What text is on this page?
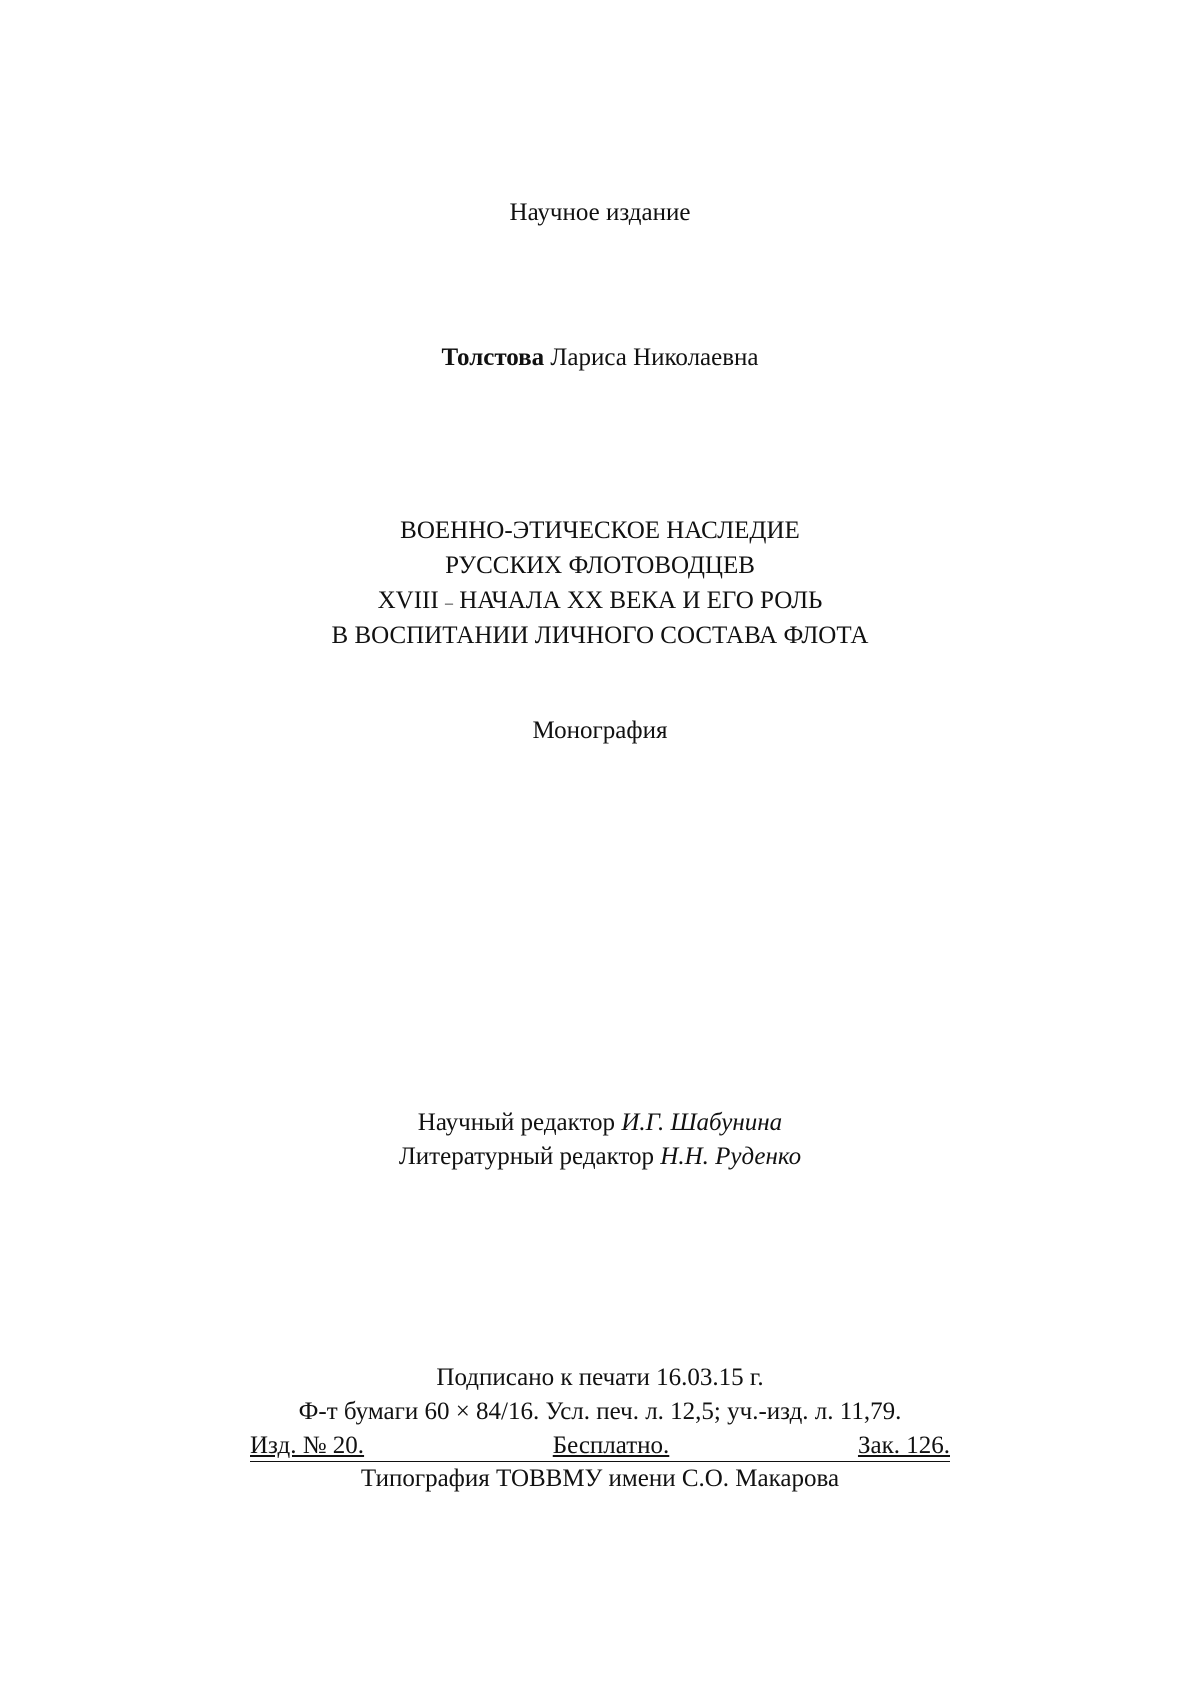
Научное издание
Толстова Лариса Николаевна
ВОЕННО-ЭТИЧЕСКОЕ НАСЛЕДИЕ
РУССКИХ ФЛОТОВОДЦЕВ
XVIII – НАЧАЛА XX ВЕКА И ЕГО РОЛЬ
В ВОСПИТАНИИ ЛИЧНОГО СОСТАВА ФЛОТА
Монография
Научный редактор И.Г. Шабунина
Литературный редактор Н.Н. Руденко
Подписано к печати 16.03.15 г.
Ф-т бумаги 60 × 84/16. Усл. печ. л. 12,5; уч.-изд. л. 11,79.
Изд. № 20.	Бесплатно.	Зак. 126.
Типография ТОВВМУ имени С.О. Макарова
